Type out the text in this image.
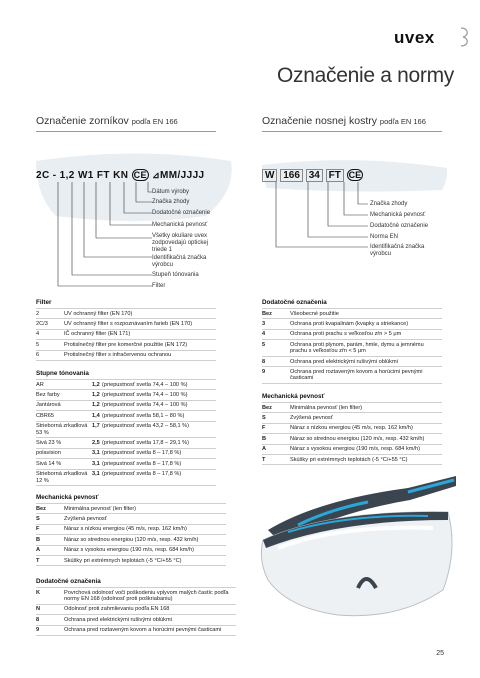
uvex
Označenie a normy
Označenie zorníkov podľa EN 166	Označenie nosnej kostry podľa EN 166
2C - 1,2 W1 FT KN CE ⊿MM/JJJJ
Dátum výroby
Značka zhody
Dodatočné označenie
Mechanická pevnosť
Všetky okuliare uvex zodpovedajú optickej triede 1
Identifikačná značka výrobcu
Stupeň tónovania
Filter
W 166 34 FT CE
Značka zhody
Mechanická pevnosť
Dodatočné označenie
Norma EN
Identifikačná značka výrobcu
Filter
2	UV ochranný filter (EN 170)
2C/3	UV ochranný filter s rozpoznávaním farieb (EN 170)
4	IČ ochranný filter (EN 171)
5	Protislnečný filter pre komerčné použitie (EN 172)
6	Protislnečný filter s infračervenou ochranou
Stupne tónovania
AR	1,2	(priepustnosť svetla 74,4 – 100 %)
Bez farby	1,2	(priepustnosť svetla 74,4 – 100 %)
Jantárová	1,2	(priepustnosť svetla 74,4 – 100 %)
CBR65	1,4	(priepustnosť svetla 58,1 – 80 %)
Strieborná zrkadlová 53 %	1,7	(priepustnosť svetla 43,2 – 58,1 %)
Sivá 23 %	2,5	(priepustnosť svetla 17,8 – 29,1 %)
polavision	3,1	(priepustnosť svetla 8 – 17,8 %)
Sivá 14 %	3,1	(priepustnosť svetla 8 – 17,8 %)
Strieborná zrkadlová 12 %	3,1	(priepustnosť svetla 8 – 17,8 %)
Mechanická pevnosť
Bez	Minimálna pevnosť (len filter)
S	Zvýšená pevnosť
F	Náraz s nízkou energiou (45 m/s, resp. 162 km/h)
B	Náraz so strednou energiou (120 m/s, resp. 432 km/h)
A	Náraz s vysokou energiou (190 m/s, resp. 684 km/h)
T	Skúšky pri extrémnych teplotách (-5 °C/+55 °C)
Dodatočné označenia
K	Povrchová odolnosť voči poškodeniu vplyvom malých častíc podľa normy EN 168 (odolnosť proti poškriabaniu)
N	Odolnosť proti zahmlievaniu podľa EN 168
8	Ochrana pred elektrickými rušivými oblúkmi
9	Ochrana pred roztaveným kovom a horúcimi pevnými časticami
Dodatočné označenia
Bez	Všeobecné použitie
3	Ochrana proti kvapalinám (kvapky a striekance)
4	Ochrana proti prachu s veľkosťou zŕn > 5 μm
5	Ochrana proti plynom, parám, hmle, dymu a jemnému prachu s veľkosťou zŕn < 5 μm
8	Ochrana pred elektrickými rušivými oblúkmi
9	Ochrana pred roztaveným kovom a horúcimi pevnými časticami
Mechanická pevnosť
Bez	Minimálna pevnosť (len filter)
S	Zvýšená pevnosť
F	Náraz s nízkou energiou (45 m/s, resp. 162 km/h)
B	Náraz so strednou energiou (120 m/s, resp. 432 km/h)
A	Náraz s vysokou energiou (190 m/s, resp. 684 km/h)
T	Skúšky pri extrémnych teplotách (-5 °C/+55 °C)
25
